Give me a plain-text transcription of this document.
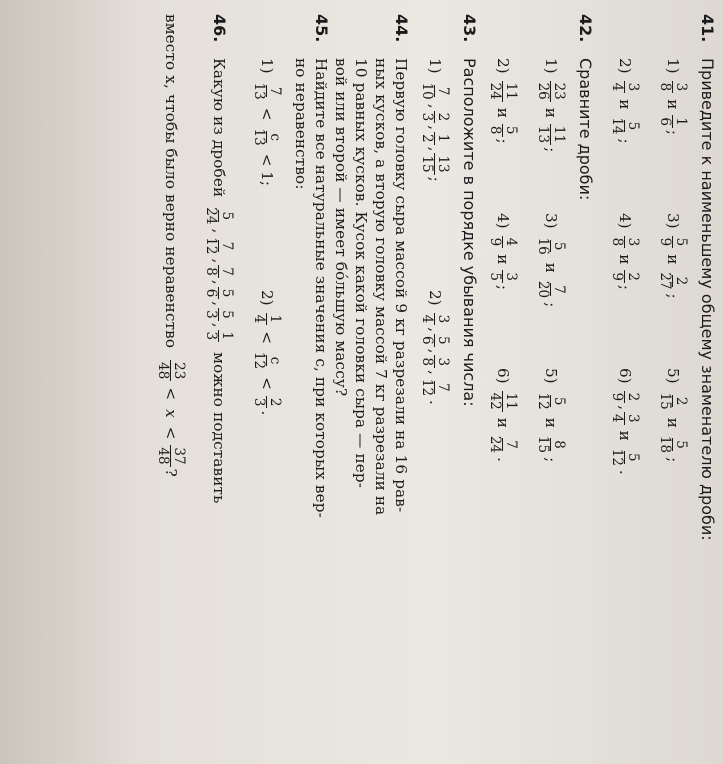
41.
Приведите к наименьшему общему знаменателю дроби:
1)
3
8
и
1
6
;
3)
5
9
и
2
27
;
5)
2
15
и
5
18
;
2)
3
4
и
5
14
;
4)
3
8
и
2
9
;
6)
2
9
,
3
4
и
5
12
.
42.
Сравните дроби:
1)
23
26
и
11
13
;
3)
5
16
и
7
20
;
5)
5
12
и
8
15
;
2)
11
24
и
5
8
;
4)
4
9
и
3
5
;
6)
11
42
и
7
24
.
43.
Расположите в порядке убывания числа:
1)
7
10
,
2
3
,
1
2
,
13
15
;
2)
3
4
,
5
6
,
3
8
,
7
12
.
44.
Первую головку сыра массой 9 кг разрезали на 16 рав-
ных кусков, а вторую головку массой 7 кг разрезали на
10 равных кусков. Кусок какой головки сыра — пер-
вой или второй — имеет бóльшую массу?
45.
Найдите все натуральные значения c, при которых вер-
но неравенство:
1)
7
13
<
c
13
< 1;
2)
1
4
<
c
12
<
2
3
.
46.
Какую из дробей
5
24
,
7
12
,
7
8
,
5
6
,
5
3
,
1
3
можно подставить
вместо x, чтобы было верно неравенство
23
48
<
x
<
37
48
?
